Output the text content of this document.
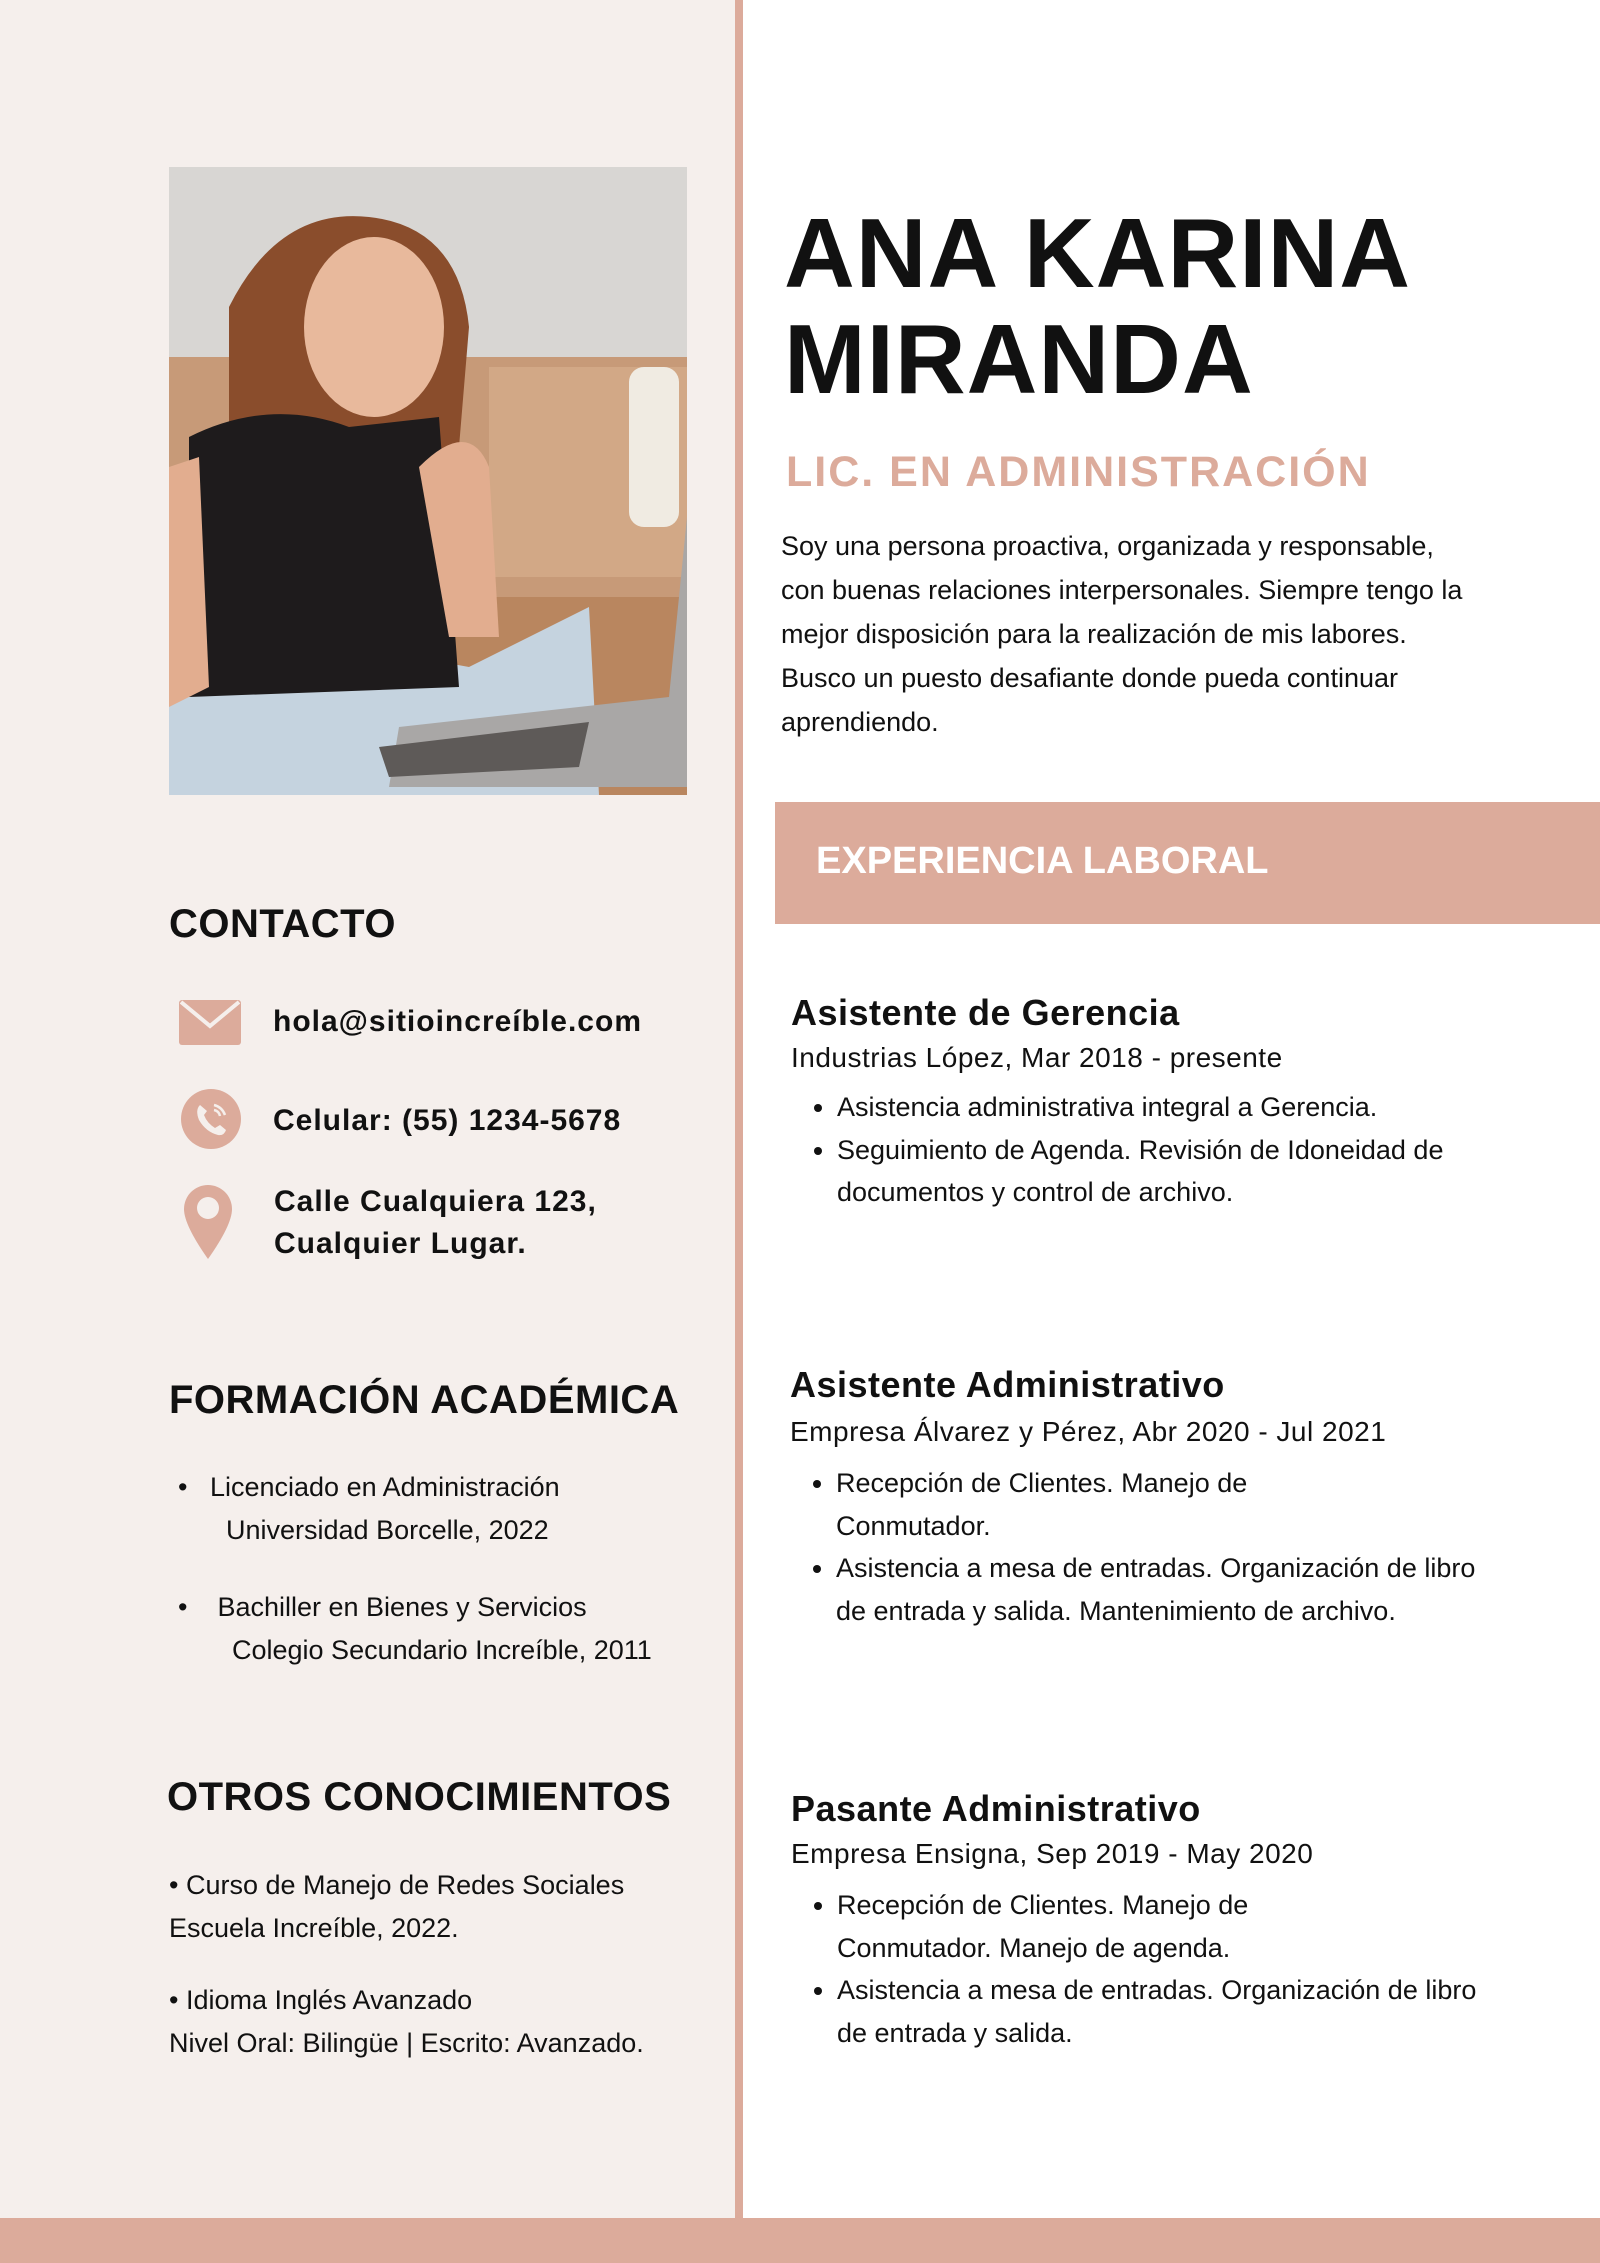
CONTACTO
hola@sitioincreíble.com
Celular: (55) 1234-5678
Calle Cualquiera 123,
Cualquier Lugar.
FORMACIÓN ACADÉMICA
•   Licenciado en Administración
Universidad Borcelle, 2022
•    Bachiller en Bienes y Servicios
Colegio Secundario Increíble, 2011
OTROS CONOCIMIENTOS
• Curso de Manejo de Redes Sociales
Escuela Increíble, 2022.
• Idioma Inglés Avanzado
Nivel Oral: Bilingüe | Escrito: Avanzado.
ANA KARINA
MIRANDA
LIC. EN ADMINISTRACIÓN
Soy una persona proactiva, organizada y responsable, con buenas relaciones interpersonales. Siempre tengo la mejor disposición para la realización de mis labores. Busco un puesto desafiante donde pueda continuar aprendiendo.
EXPERIENCIA LABORAL
Asistente de Gerencia
Industrias López, Mar 2018 - presente
• Asistencia administrativa integral a Gerencia.
• Seguimiento de Agenda. Revisión de Idoneidad de documentos y control de archivo.
Asistente Administrativo
Empresa Álvarez y Pérez, Abr 2020 - Jul 2021
• Recepción de Clientes. Manejo de Conmutador.
• Asistencia a mesa de entradas. Organización de libro de entrada y salida. Mantenimiento de archivo.
Pasante Administrativo
Empresa Ensigna, Sep 2019 - May 2020
• Recepción de Clientes. Manejo de Conmutador. Manejo de agenda.
• Asistencia a mesa de entradas. Organización de libro de entrada y salida.
